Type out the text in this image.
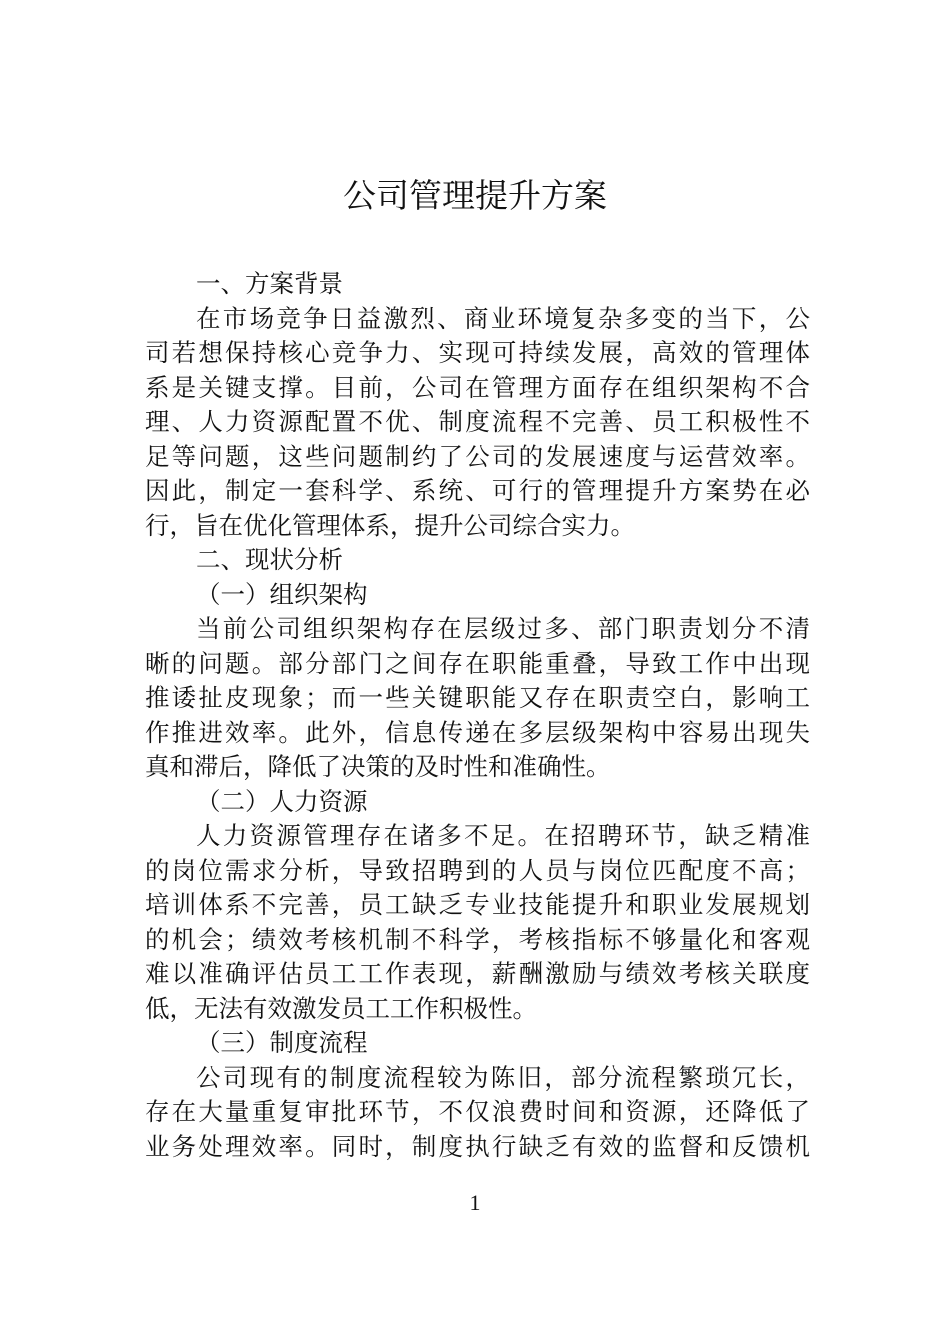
公司管理提升方案
一、方案背景
在市场竞争日益激烈、商业环境复杂多变的当下，公
司若想保持核心竞争力、实现可持续发展，高效的管理体
系是关键支撑。目前，公司在管理方面存在组织架构不合
理、人力资源配置不优、制度流程不完善、员工积极性不
足等问题，这些问题制约了公司的发展速度与运营效率。
因此，制定一套科学、系统、可行的管理提升方案势在必
行，旨在优化管理体系，提升公司综合实力。
二、现状分析
（一）组织架构
当前公司组织架构存在层级过多、部门职责划分不清
晰的问题。部分部门之间存在职能重叠，导致工作中出现
推诿扯皮现象；而一些关键职能又存在职责空白，影响工
作推进效率。此外，信息传递在多层级架构中容易出现失
真和滞后，降低了决策的及时性和准确性。
（二）人力资源
人力资源管理存在诸多不足。在招聘环节，缺乏精准
的岗位需求分析，导致招聘到的人员与岗位匹配度不高；
培训体系不完善，员工缺乏专业技能提升和职业发展规划
的机会；绩效考核机制不科学，考核指标不够量化和客观
难以准确评估员工工作表现，薪酬激励与绩效考核关联度
低，无法有效激发员工工作积极性。
（三）制度流程
公司现有的制度流程较为陈旧，部分流程繁琐冗长，
存在大量重复审批环节，不仅浪费时间和资源，还降低了
业务处理效率。同时，制度执行缺乏有效的监督和反馈机
1
